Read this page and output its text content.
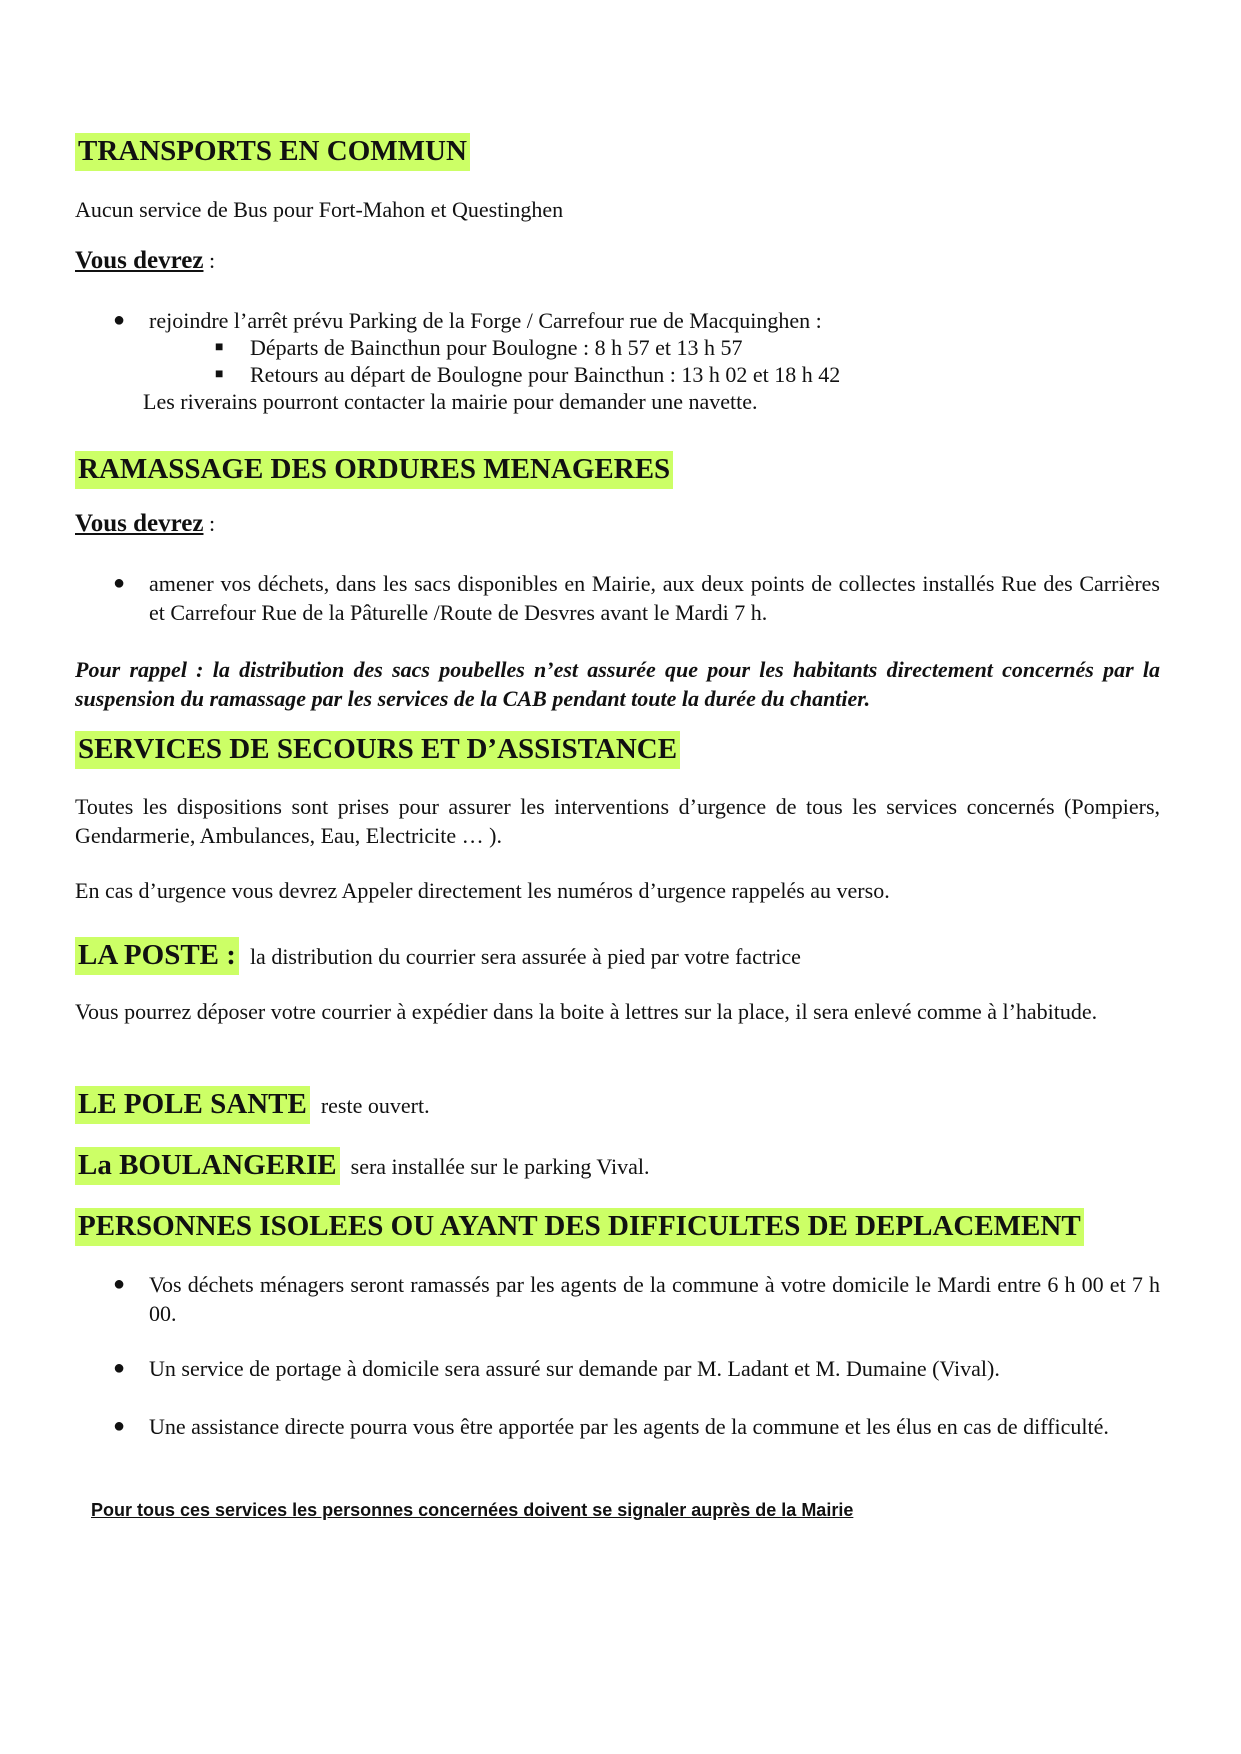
TRANSPORTS EN COMMUN

Aucun service de Bus pour Fort-Mahon et Questinghen

Vous devrez :

● rejoindre l’arrêt prévu Parking de la Forge / Carrefour rue de Macquinghen :
■ Départs de Baincthun pour Boulogne : 8 h 57 et 13 h 57
■ Retours au départ de Boulogne pour Baincthun : 13 h 02 et 18 h 42

Les riverains pourront contacter la mairie pour demander une navette.

RAMASSAGE DES ORDURES MENAGERES

Vous devrez :

● amener vos déchets, dans les sacs disponibles en Mairie, aux deux points de collectes installés Rue des Carrières et Carrefour Rue de la Pâturelle /Route de Desvres avant le Mardi 7 h.

Pour rappel : la distribution des sacs poubelles n’est assurée que pour les habitants directement concernés par la suspension du ramassage par les services de la CAB pendant toute la durée du chantier.

SERVICES DE SECOURS ET D’ASSISTANCE

Toutes les dispositions sont prises pour assurer les interventions d’urgence de tous les services concernés (Pompiers, Gendarmerie, Ambulances, Eau, Electricite … ).

En cas d’urgence vous devrez Appeler directement les numéros d’urgence rappelés au verso.

LA POSTE : la distribution du courrier sera assurée à pied par votre factrice

Vous pourrez déposer votre courrier à expédier dans la boite à lettres sur la place, il sera enlevé comme à l’habitude.

LE POLE SANTE reste ouvert.

La BOULANGERIE sera installée sur le parking Vival.

PERSONNES ISOLEES OU AYANT DES DIFFICULTES DE DEPLACEMENT
● Vos déchets ménagers seront ramassés par les agents de la commune à votre domicile le Mardi entre 6 h 00 et 7 h 00.
● Un service de portage à domicile sera assuré sur demande par M. Ladant et M. Dumaine (Vival).
● Une assistance directe pourra vous être apportée par les agents de la commune et les élus en cas de difficulté.
Pour tous ces services les personnes concernées doivent se signaler auprès de la Mairie
